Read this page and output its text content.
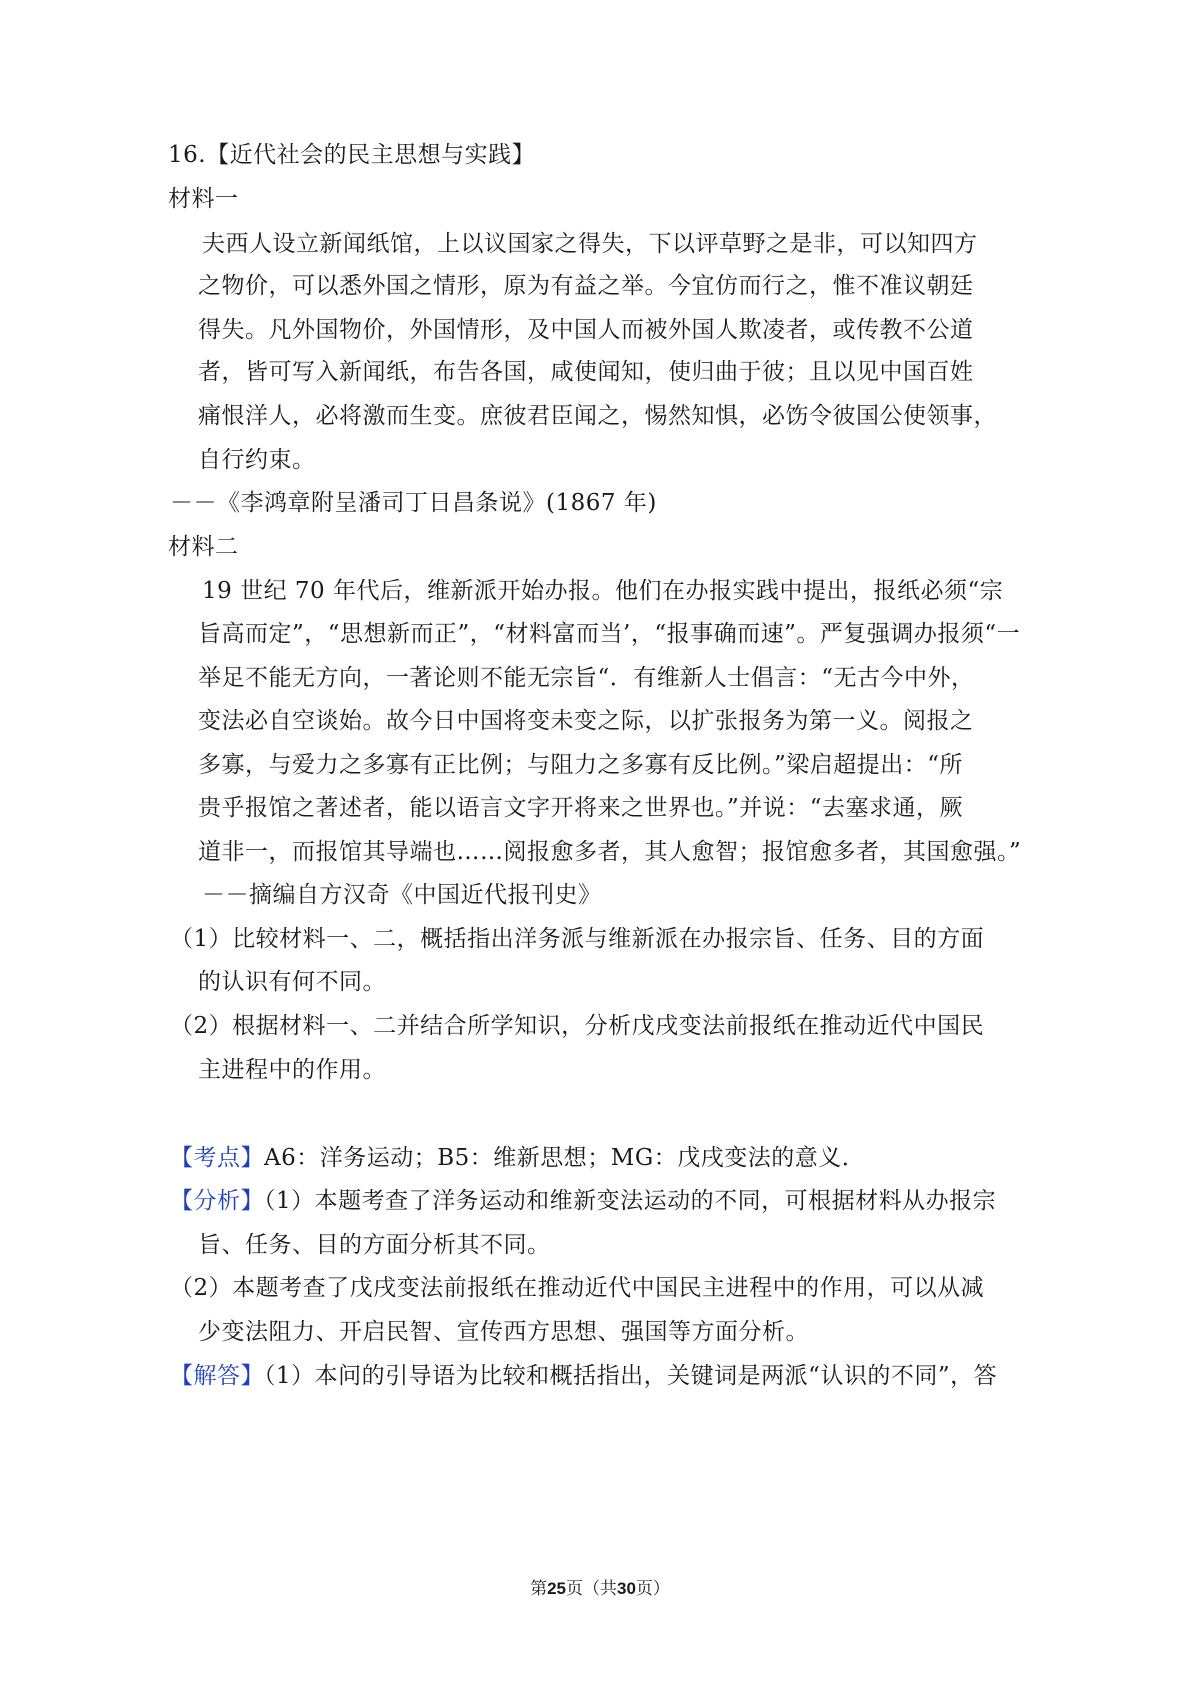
16.【近代社会的民主思想与实践】
材料一
夫西人设立新闻纸馆，上以议国家之得失，下以评草野之是非，可以知四方
之物价，可以悉外国之情形，原为有益之举。今宜仿而行之，惟不准议朝廷
得失。凡外国物价，外国情形，及中国人而被外国人欺凌者，或传教不公道
者，皆可写入新闻纸，布告各国，咸使闻知，使归曲于彼；且以见中国百姓
痛恨洋人，必将激而生变。庶彼君臣闻之，惕然知惧，必饬令彼国公使领事，
自行约束。
－－《李鸿章附呈潘司丁日昌条说》(1867 年)
材料二
19 世纪 70 年代后，维新派开始办报。他们在办报实践中提出，报纸必须“宗
旨高而定”，“思想新而正”，“材料富而当’，“报事确而速”。严复强调办报须“一
举足不能无方向，一著论则不能无宗旨“．有维新人士倡言：“无古今中外，
变法必自空谈始。故今日中国将变未变之际，以扩张报务为第一义。阅报之
多寡，与爱力之多寡有正比例；与阻力之多寡有反比例。”梁启超提出：“所
贵乎报馆之著述者，能以语言文字开将来之世界也。”并说：“去塞求通，厥
道非一，而报馆其导端也……阅报愈多者，其人愈智；报馆愈多者，其国愈强。”
－－摘编自方汉奇《中国近代报刊史》
（1）比较材料一、二，概括指出洋务派与维新派在办报宗旨、任务、目的方面
的认识有何不同。
（2）根据材料一、二并结合所学知识，分析戊戌变法前报纸在推动近代中国民
主进程中的作用。
【考点】A6：洋务运动；B5：维新思想；MG：戊戌变法的意义．
【分析】（1）本题考查了洋务运动和维新变法运动的不同，可根据材料从办报宗
旨、任务、目的方面分析其不同。
（2）本题考查了戊戌变法前报纸在推动近代中国民主进程中的作用，可以从减
少变法阻力、开启民智、宣传西方思想、强国等方面分析。
【解答】（1）本问的引导语为比较和概括指出，关键词是两派“认识的不同”，答
第25页（共30页）
